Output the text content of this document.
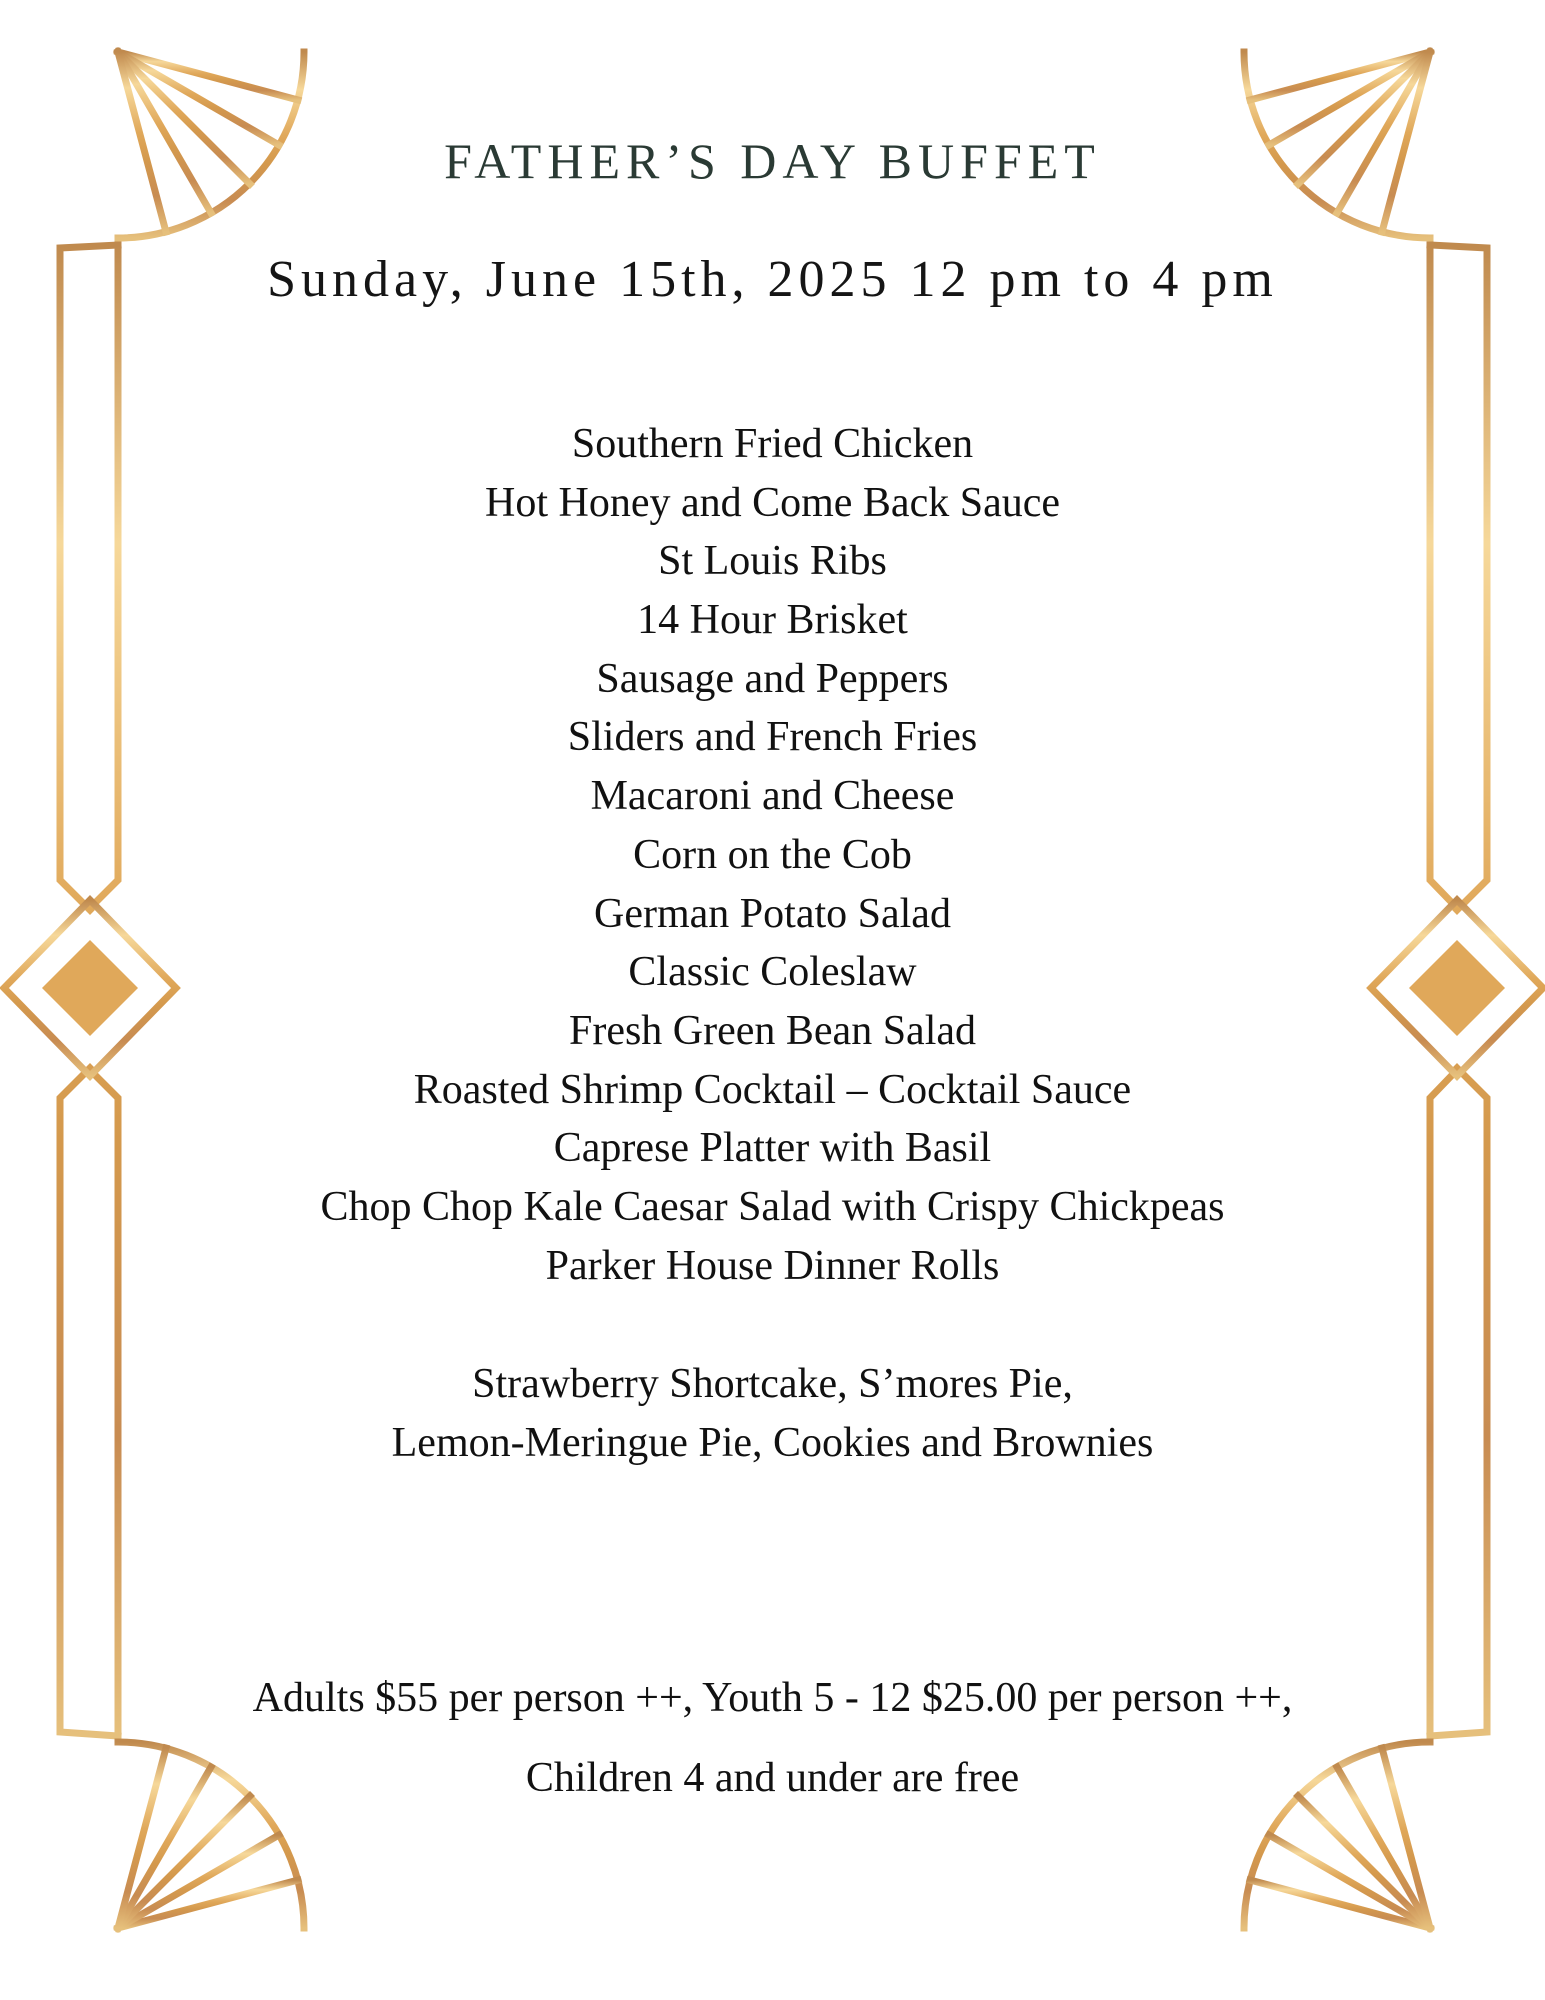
FATHER’S DAY BUFFET
Sunday, June 15th, 2025 12 pm to 4 pm
Southern Fried Chicken
Hot Honey and Come Back Sauce
St Louis Ribs
14 Hour Brisket
Sausage and Peppers
Sliders and French Fries
Macaroni and Cheese
Corn on the Cob
German Potato Salad
Classic Coleslaw
Fresh Green Bean Salad
Roasted Shrimp Cocktail – Cocktail Sauce
Caprese Platter with Basil
Chop Chop Kale Caesar Salad with Crispy Chickpeas
Parker House Dinner Rolls
Strawberry Shortcake, S’mores Pie,
Lemon-Meringue Pie, Cookies and Brownies
Adults $55 per person ++, Youth 5 - 12 $25.00 per person ++,
Children 4 and under are free
